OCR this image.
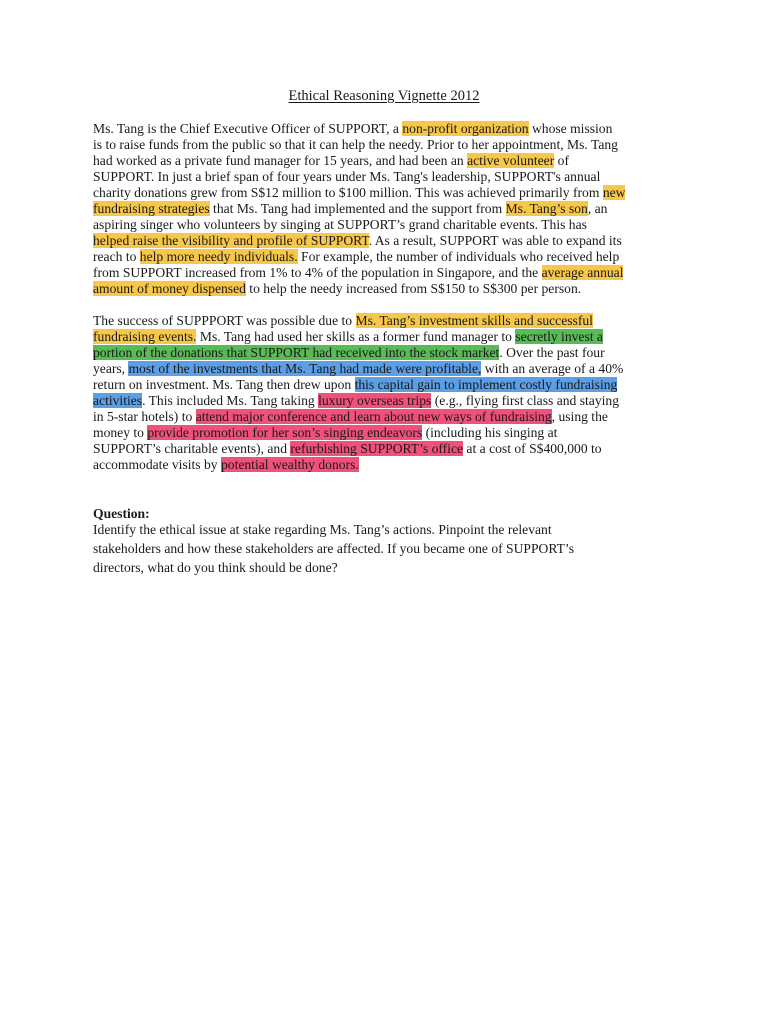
Ethical Reasoning Vignette 2012
Ms. Tang is the Chief Executive Officer of SUPPORT, a non-profit organization whose mission
is to raise funds from the public so that it can help the needy. Prior to her appointment, Ms. Tang
had worked as a private fund manager for 15 years, and had been an active volunteer of
SUPPORT. In just a brief span of four years under Ms. Tang's leadership, SUPPORT's annual
charity donations grew from S$12 million to $100 million. This was achieved primarily from new
fundraising strategies that Ms. Tang had implemented and the support from Ms. Tang’s son, an
aspiring singer who volunteers by singing at SUPPORT’s grand charitable events. This has
helped raise the visibility and profile of SUPPORT. As a result, SUPPORT was able to expand its
reach to help more needy individuals. For example, the number of individuals who received help
from SUPPORT increased from 1% to 4% of the population in Singapore, and the average annual
amount of money dispensed to help the needy increased from S$150 to S$300 per person.
The success of SUPPPORT was possible due to Ms. Tang’s investment skills and successful
fundraising events. Ms. Tang had used her skills as a former fund manager to secretly invest a
portion of the donations that SUPPORT had received into the stock market. Over the past four
years, most of the investments that Ms. Tang had made were profitable, with an average of a 40%
return on investment. Ms. Tang then drew upon this capital gain to implement costly fundraising
activities. This included Ms. Tang taking luxury overseas trips (e.g., flying first class and staying
in 5-star hotels) to attend major conference and learn about new ways of fundraising, using the
money to provide promotion for her son’s singing endeavors (including his singing at
SUPPORT’s charitable events), and refurbishing SUPPORT’s office at a cost of S$400,000 to
accommodate visits by potential wealthy donors.
Question:
Identify the ethical issue at stake regarding Ms. Tang’s actions. Pinpoint the relevant
stakeholders and how these stakeholders are affected. If you became one of SUPPORT’s
directors, what do you think should be done?
